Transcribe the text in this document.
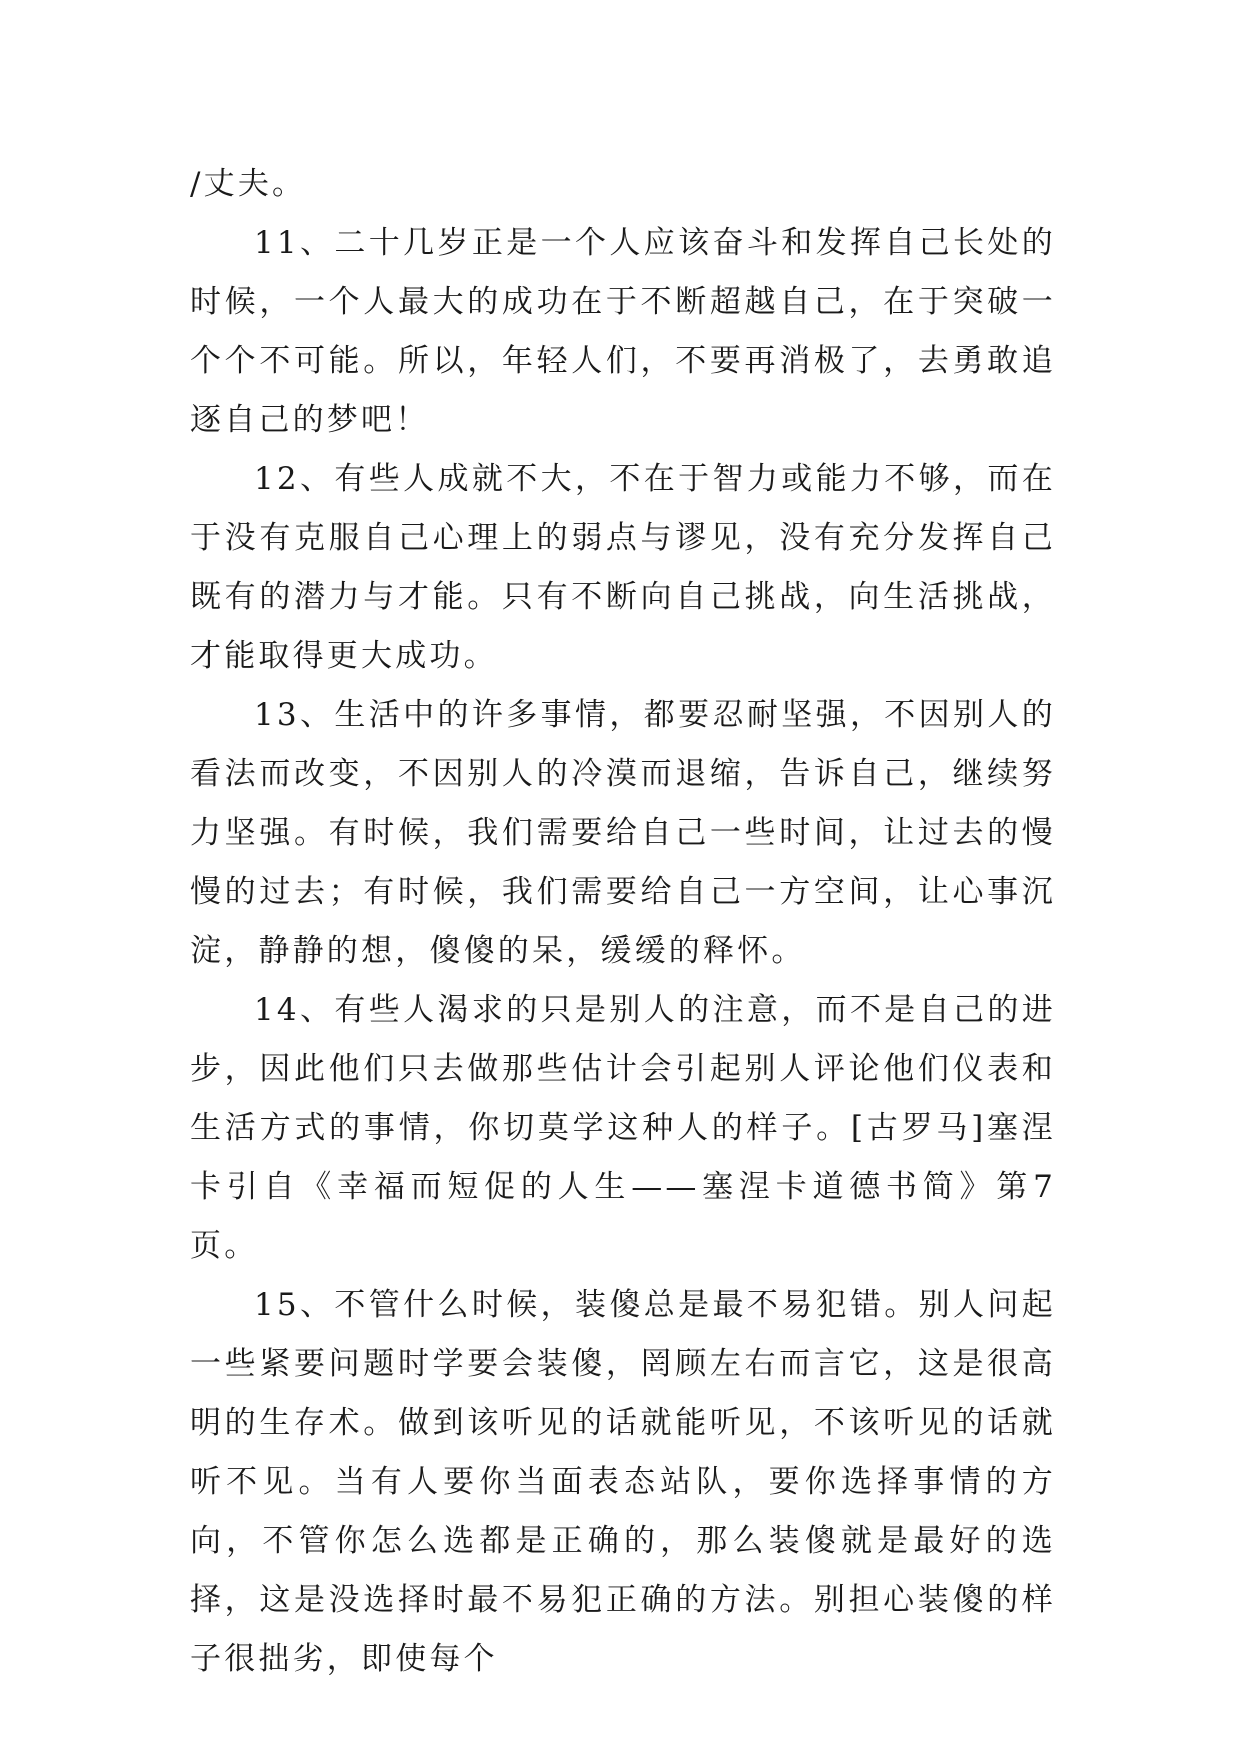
/丈夫。

11、二十几岁正是一个人应该奋斗和发挥自己长处的时候，一个人最大的成功在于不断超越自己，在于突破一个个不可能。所以，年轻人们，不要再消极了，去勇敢追逐自己的梦吧！

12、有些人成就不大，不在于智力或能力不够，而在于没有克服自己心理上的弱点与谬见，没有充分发挥自己既有的潜力与才能。只有不断向自己挑战，向生活挑战，才能取得更大成功。

13、生活中的许多事情，都要忍耐坚强，不因别人的看法而改变，不因别人的冷漠而退缩，告诉自己，继续努力坚强。有时候，我们需要给自己一些时间，让过去的慢慢的过去；有时候，我们需要给自己一方空间，让心事沉淀，静静的想，傻傻的呆，缓缓的释怀。

14、有些人渴求的只是别人的注意，而不是自己的进步，因此他们只去做那些估计会引起别人评论他们仪表和生活方式的事情，你切莫学这种人的样子。[古罗马]塞涅卡引自《幸福而短促的人生——塞涅卡道德书简》第7页。

15、不管什么时候，装傻总是最不易犯错。别人问起一些紧要问题时学要会装傻，罔顾左右而言它，这是很高明的生存术。做到该听见的话就能听见，不该听见的话就听不见。当有人要你当面表态站队，要你选择事情的方向，不管你怎么选都是正确的，那么装傻就是最好的选择，这是没选择时最不易犯正确的方法。别担心装傻的样子很拙劣，即使每个
